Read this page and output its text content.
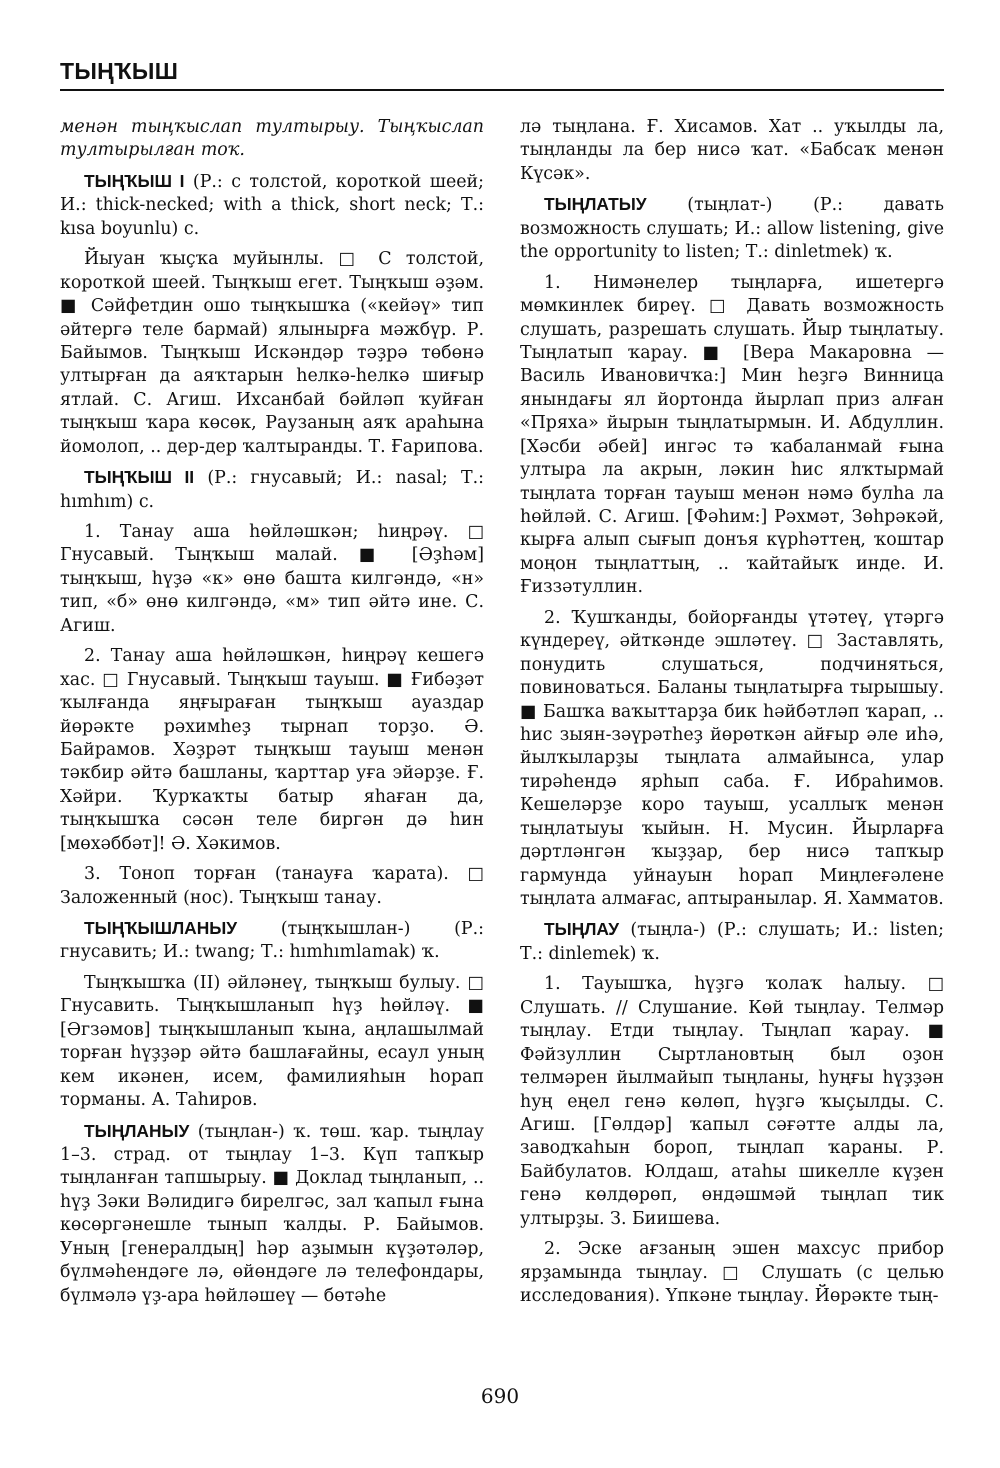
ТЫҢҠЫШ

менән тыңҡыслап тултырыу. Тыңҡыслап тултырылған тоҡ.

ТЫҢҠЫШ I (Р.: с толстой, короткой шеей; И.: thick-necked; with a thick, short neck; Т.: kısa boyunlu) с.

Йыуан ҡыҫҡа муйынлы. □ С толстой, короткой шеей. Тыңҡыш егет. Тыңҡыш әҙәм. ■ Сәйфетдин ошо тыңҡышҡа («кейәү» тип әйтергә теле бармай) ялынырға мәжбүр. Р. Байымов. Тыңҡыш Искәндәр тәҙрә төбөнә ултырған да аяҡтарын һелкә-һелкә шиғыр ятлай. С. Агиш. Ихсанбай бәйләп ҡуйған тыңҡыш ҡара көсөк, Раузаның аяҡ араһына йомолоп, .. дер-дер ҡалтыранды. Т. Ғарипова.

ТЫҢҠЫШ II (Р.: гнусавый; И.: nasal; Т.: hımhım) с.

1. Танау аша һөйләшкән; һиңрәү. □ Гнусавый. Тыңҡыш малай. ■ [Әҙһәм] тыңҡыш, һүҙә «к» өнө башта килгәндә, «н» тип, «б» өнө килгәндә, «м» тип әйтә ине. С. Агиш.

2. Танау аша һөйләшкән, һиңрәү кешегә хас. □ Гнусавый. Тыңҡыш тауыш. ■ Ғибәҙәт ҡылғанда яңғыраған тыңҡыш ауаздар йөрәкте рәхимһеҙ тырнап торҙо. Ә. Байрамов. Хәҙрәт тыңҡыш тауыш менән тәкбир әйтә башланы, ҡарттар уға эйәрҙе. Ғ. Хәйри. Ҡурҡаҡты батыр яһаған да, тыңҡышҡа сәсән теле биргән дә һин [мөхәббәт]! Ә. Хәкимов.

3. Тоноп торған (танауға ҡарата). □ Заложенный (нос). Тыңҡыш танау.

ТЫҢҠЫШЛАНЫУ (тыңҡышлан-) (Р.: гнусавить; И.: twang; Т.: hımhımlamak) ҡ.

Тыңҡышҡа (II) әйләнеү, тыңҡыш булыу. □ Гнусавить. Тыңҡышланып һүҙ һөйләү. ■ [Әгзәмов] тыңҡышланып ҡына, аңлашылмай торған һүҙҙәр әйтә башлағайны, есаул уның кем икәнен, исем, фамилияһын һорап торманы. А. Таһиров.

ТЫҢЛАНЫУ (тыңлан-) ҡ. төш. ҡар. тыңлау 1–3. страд. от тыңлау 1–3. Күп тапҡыр тыңланған тапшырыу. ■ Доклад тыңланып, .. һүҙ Зәки Вәлидигә бирелгәс, зал ҡапыл ғына көсөргәнешле тынып ҡалды. Р. Байымов. Уның [генералдың] һәр аҙымын күҙәтәләр, бүлмәһендәге лә, өйөндәге лә телефондары, бүлмәлә үҙ-ара һөйләшеү — бөтәһе

лә тыңлана. Ғ. Хисамов. Хат .. уҡылды ла, тыңланды ла бер нисә ҡат. «Бабсаҡ менән Күсәк».

ТЫҢЛАТЫУ (тыңлат-) (Р.: давать возможность слушать; И.: allow listening, give the opportunity to listen; Т.: dinletmek) ҡ.

1. Нимәнелер тыңларға, ишетергә мөмкинлек биреү. □ Давать возможность слушать, разрешать слушать. Йыр тыңлатыу. Тыңлатып ҡарау. ■ [Вера Макаровна — Василь Ивановичҡа:] Мин һеҙгә Винница янындағы ял йортонда йырлап приз алған «Пряха» йырын тыңлатырмын. И. Абдуллин. [Хәсби әбей] ингәс тә ҡабаланмай ғына ултыра ла акрын, ләкин һис ялҡтырмай тыңлата торған тауыш менән нәмә булһа ла һөйләй. С. Агиш. [Фәһим:] Рәхмәт, Зөһрәкәй, кырға алып сығып донъя күрһәттең, ҡоштар моңон тыңлаттың, .. ҡайтайыҡ инде. И. Ғиззәтуллин.

2. Ҡушҡанды, бойорғанды үтәтеү, үтәргә күндереү, әйткәнде эшләтеү. □ Заставлять, понудить слушаться, подчиняться, повиноваться. Баланы тыңлатырға тырышыу. ■ Башҡа ваҡыттарҙа бик һәйбәтләп ҡарап, .. һис зыян-зәүрәтһеҙ йөрөткән айғыр әле иһә, йылҡыларҙы тыңлата алмайынса, улар тирәһендә ярһып саба. Ғ. Ибраһимов. Кешеләрҙе коро тауыш, усаллыҡ менән тыңлатыуы ҡыйын. Н. Мусин. Йырларға дәртләнгән ҡыҙҙар, бер нисә тапҡыр гармунда уйнауын һорап Миңлеғәлене тыңлата алмағас, аптыранылар. Я. Хамматов.

ТЫҢЛАУ (тыңла-) (Р.: слушать; И.: listen; Т.: dinlemek) ҡ.

1. Тауышҡа, һүҙгә ҡолаҡ һалыу. □ Слушать. // Слушание. Көй тыңлау. Телмәр тыңлау. Етди тыңлау. Тыңлап ҡарау. ■ Фәйзуллин Сыртлановтың был оҙон телмәрен йылмайып тыңланы, һуңғы һүҙҙән һуң еңел генә көлөп, һүҙгә ҡыҫылды. С. Агиш. [Гөлдәр] ҡапыл сәғәтте алды ла, заводҡаһын бороп, тыңлап ҡараны. Р. Байбулатов. Юлдаш, атаһы шикелле күҙен генә көлдөрөп, өндәшмәй тыңлап тик ултырҙы. З. Биишева.

2. Эске ағзаның эшен махсус прибор ярҙамында тыңлау. □ Слушать (с целью исследования). Үпкәне тыңлау. Йөрәкте тың-

690
